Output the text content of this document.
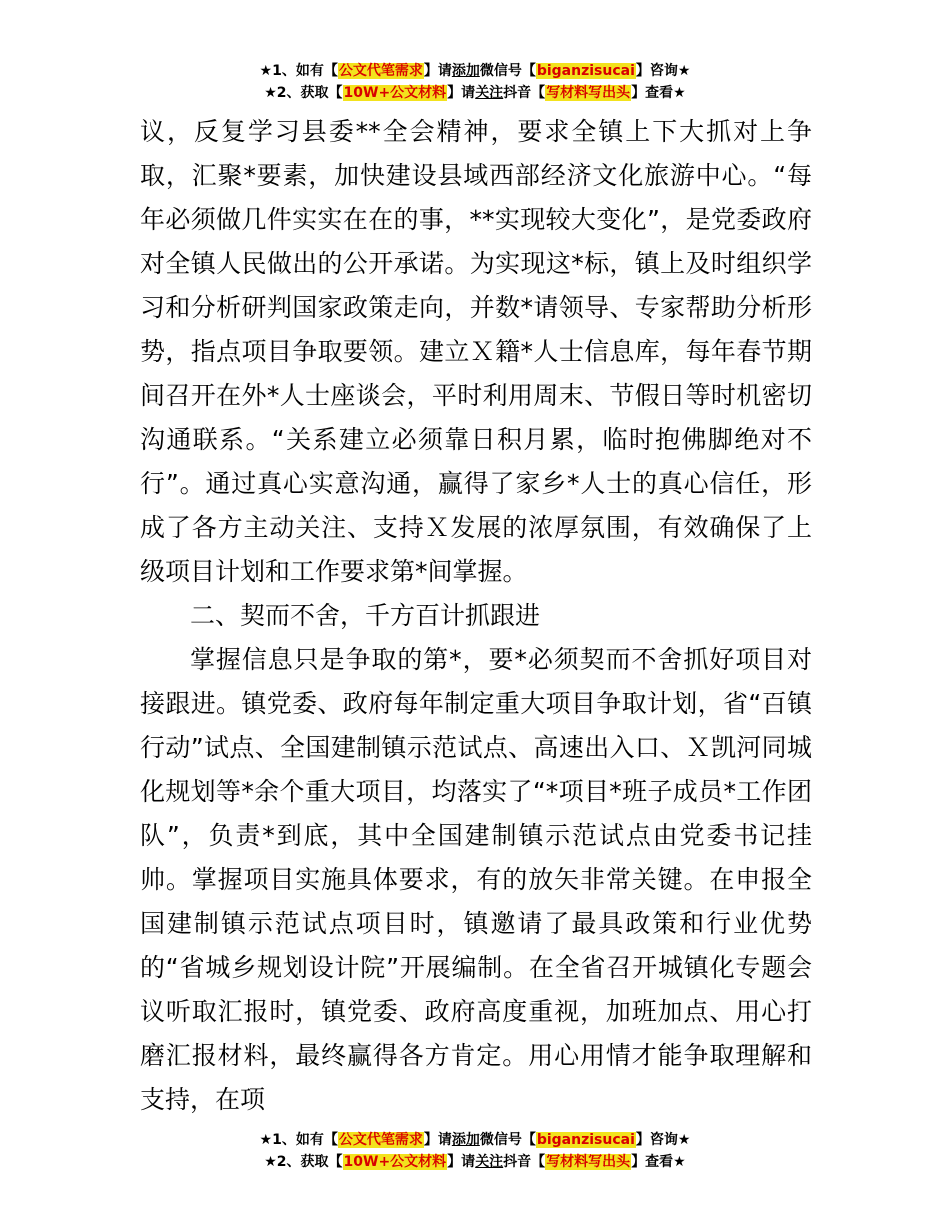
★1、如有【公文代笔需求】请添加微信号【biganzisucai】咨询★
★2、获取【10W+公文材料】请关注抖音【写材料写出头】查看★

议，反复学习县委**全会精神，要求全镇上下大抓对上争取，汇聚*要素，加快建设县域西部经济文化旅游中心。“每年必须做几件实实在在的事，**实现较大变化”，是党委政府对全镇人民做出的公开承诺。为实现这*标，镇上及时组织学习和分析研判国家政策走向，并数*请领导、专家帮助分析形势，指点项目争取要领。建立Ｘ籍*人士信息库，每年春节期间召开在外*人士座谈会，平时利用周末、节假日等时机密切沟通联系。“关系建立必须靠日积月累，临时抱佛脚绝对不行”。通过真心实意沟通，赢得了家乡*人士的真心信任，形成了各方主动关注、支持Ｘ发展的浓厚氛围，有效确保了上级项目计划和工作要求第*间掌握。

二、契而不舍，千方百计抓跟进

掌握信息只是争取的第*，要*必须契而不舍抓好项目对接跟进。镇党委、政府每年制定重大项目争取计划，省“百镇行动”试点、全国建制镇示范试点、高速出入口、Ｘ凯河同城化规划等*余个重大项目，均落实了“*项目*班子成员*工作团队”，负责*到底，其中全国建制镇示范试点由党委书记挂帅。掌握项目实施具体要求，有的放矢非常关键。在申报全国建制镇示范试点项目时，镇邀请了最具政策和行业优势的“省城乡规划设计院”开展编制。在全省召开城镇化专题会议听取汇报时，镇党委、政府高度重视，加班加点、用心打磨汇报材料，最终赢得各方肯定。用心用情才能争取理解和支持，在项

★1、如有【公文代笔需求】请添加微信号【biganzisucai】咨询★
★2、获取【10W+公文材料】请关注抖音【写材料写出头】查看★
